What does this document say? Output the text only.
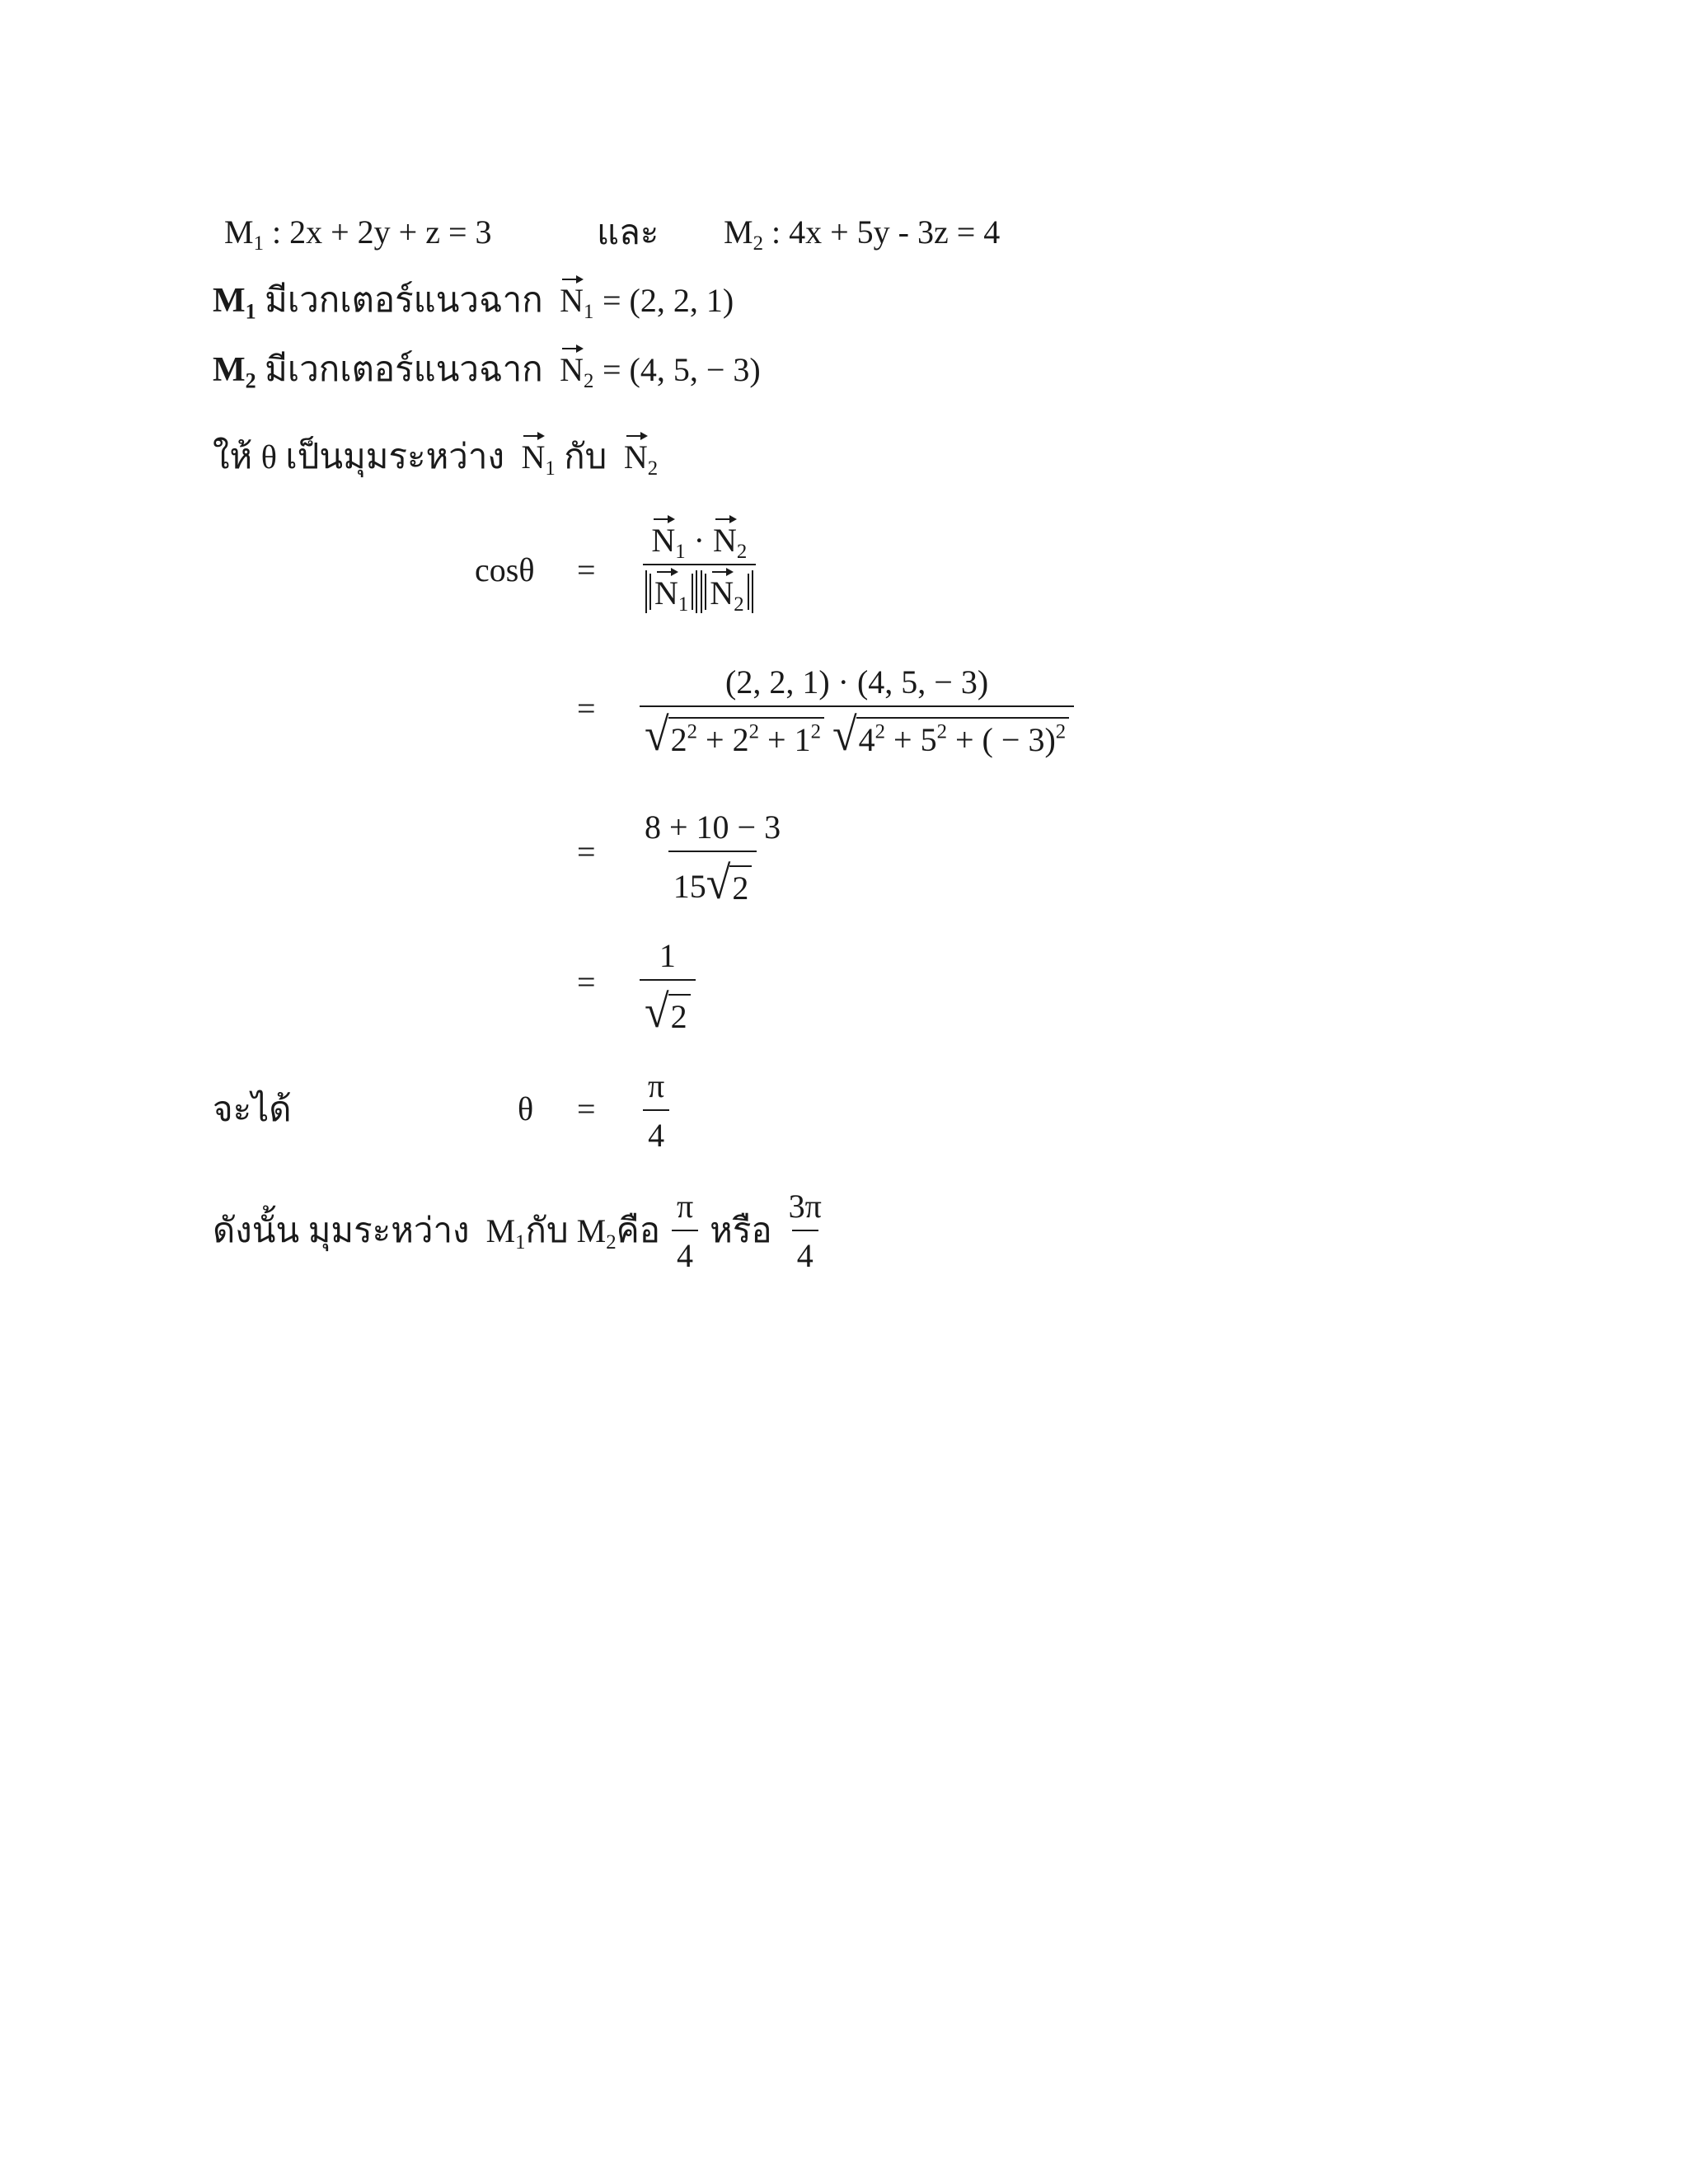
$M_1$ : 2x + 2y + z = 3	และ $M_2$ : 4x + 5y - 3z = 4
$M_1$ มีเวกเตอร์แนวฉาก $N_1 = (2$, 2, 1)
$M_2$ มีเวกเตอร์แนวฉาก $N_2 = (4$, 5, − 3)
ให้ θ เป็นมุมระหว่าง $N_1$ กับ $N_2$
$\cos\theta = \frac{N_1 \cdot N_2}{N_1 N_2}$
= (2, 2, 1) · (4, 5, − 3)
√ $2^2 + 2^2 + 1^2$
√ $4^2 + 5^2$ + ( − 3)$^2$
= $\frac{8 + 10 - 3}{15 √ 2}$
= $\frac{1}{√ 2}$
จะได้	$\theta = \frac{\pi}{4}$
ดังนั้น มุมระหว่าง $M_1$ กับ $M_2$ คือ $\frac{\pi}{4}$ หรือ $\frac{3\pi}{4}$
